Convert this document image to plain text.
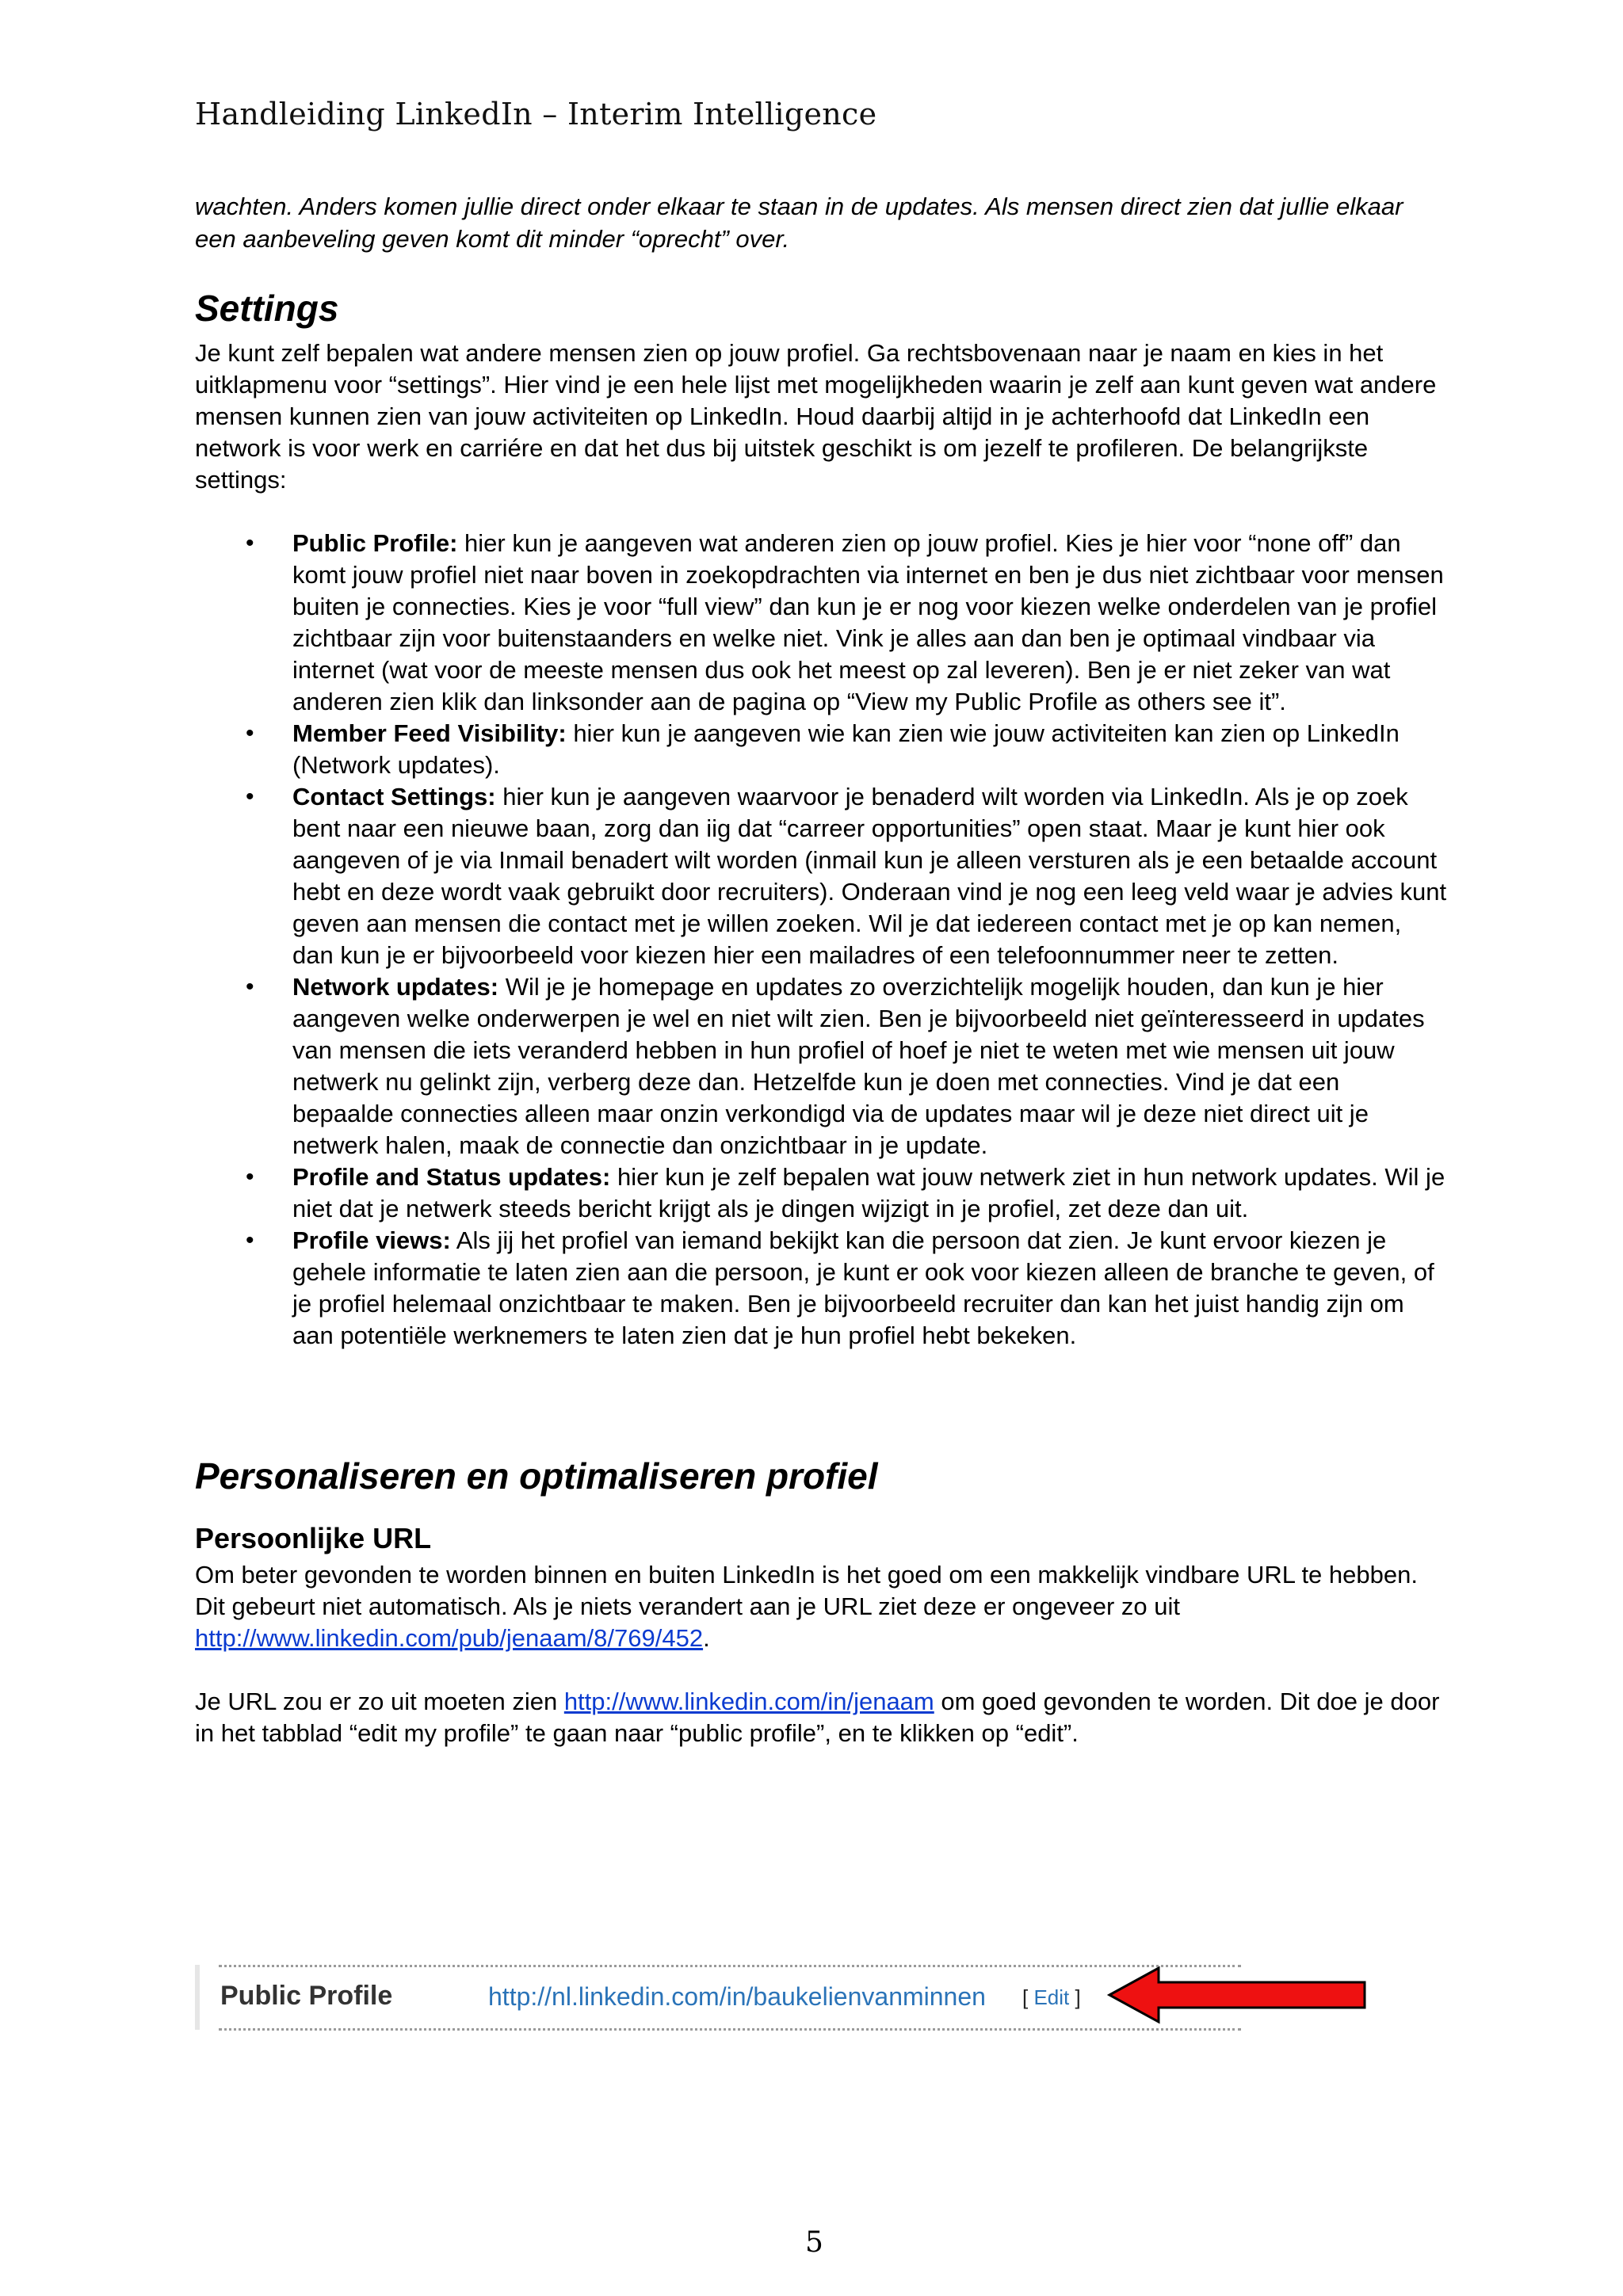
Handleiding LinkedIn – Interim Intelligence

wachten. Anders komen jullie direct onder elkaar te staan in de updates. Als mensen direct zien dat jullie elkaar een aanbeveling geven komt dit minder “oprecht” over.

Settings

Je kunt zelf bepalen wat andere mensen zien op jouw profiel. Ga rechtsbovenaan naar je naam en kies in het uitklapmenu voor “settings”. Hier vind je een hele lijst met mogelijkheden waarin je zelf aan kunt geven wat andere mensen kunnen zien van jouw activiteiten op LinkedIn. Houd daarbij altijd in je achterhoofd dat LinkedIn een network is voor werk en carriére en dat het dus bij uitstek geschikt is om jezelf te profileren. De belangrijkste settings:

• Public Profile: hier kun je aangeven wat anderen zien op jouw profiel. Kies je hier voor “none off” dan komt jouw profiel niet naar boven in zoekopdrachten via internet en ben je dus niet zichtbaar voor mensen buiten je connecties. Kies je voor “full view” dan kun je er nog voor kiezen welke onderdelen van je profiel zichtbaar zijn voor buitenstaanders en welke niet. Vink je alles aan dan ben je optimaal vindbaar via internet (wat voor de meeste mensen dus ook het meest op zal leveren). Ben je er niet zeker van wat anderen zien klik dan linksonder aan de pagina op “View my Public Profile as others see it”.
• Member Feed Visibility: hier kun je aangeven wie kan zien wie jouw activiteiten kan zien op LinkedIn (Network updates).
• Contact Settings: hier kun je aangeven waarvoor je benaderd wilt worden via LinkedIn. Als je op zoek bent naar een nieuwe baan, zorg dan iig dat “carreer opportunities” open staat. Maar je kunt hier ook aangeven of je via Inmail benadert wilt worden (inmail kun je alleen versturen als je een betaalde account hebt en deze wordt vaak gebruikt door recruiters). Onderaan vind je nog een leeg veld waar je advies kunt geven aan mensen die contact met je willen zoeken. Wil je dat iedereen contact met je op kan nemen, dan kun je er bijvoorbeeld voor kiezen hier een mailadres of een telefoonnummer neer te zetten.
• Network updates: Wil je je homepage en updates zo overzichtelijk mogelijk houden, dan kun je hier aangeven welke onderwerpen je wel en niet wilt zien. Ben je bijvoorbeeld niet geïnteresseerd in updates van mensen die iets veranderd hebben in hun profiel of hoef je niet te weten met wie mensen uit jouw netwerk nu gelinkt zijn, verberg deze dan. Hetzelfde kun je doen met connecties. Vind je dat een bepaalde connecties alleen maar onzin verkondigd via de updates maar wil je deze niet direct uit je netwerk halen, maak de connectie dan onzichtbaar in je update.
• Profile and Status updates: hier kun je zelf bepalen wat jouw netwerk ziet in hun network updates. Wil je niet dat je netwerk steeds bericht krijgt als je dingen wijzigt in je profiel, zet deze dan uit.
• Profile views: Als jij het profiel van iemand bekijkt kan die persoon dat zien. Je kunt ervoor kiezen je gehele informatie te laten zien aan die persoon, je kunt er ook voor kiezen alleen de branche te geven, of je profiel helemaal onzichtbaar te maken. Ben je bijvoorbeeld recruiter dan kan het juist handig zijn om aan potentiële werknemers te laten zien dat je hun profiel hebt bekeken.
Personaliseren en optimaliseren profiel
Persoonlijke URL

Om beter gevonden te worden binnen en buiten LinkedIn is het goed om een makkelijk vindbare URL te hebben. Dit gebeurt niet automatisch. Als je niets verandert aan je URL ziet deze er ongeveer zo uit http://www.linkedin.com/pub/jenaam/8/769/452.

Je URL zou er zo uit moeten zien http://www.linkedin.com/in/jenaam om goed gevonden te worden. Dit doe je door in het tabblad “edit my profile” te gaan naar “public profile”, en te klikken op “edit”.

Public Profile	http://nl.linkedin.com/in/baukelienvanminnen [ Edit ]
5
